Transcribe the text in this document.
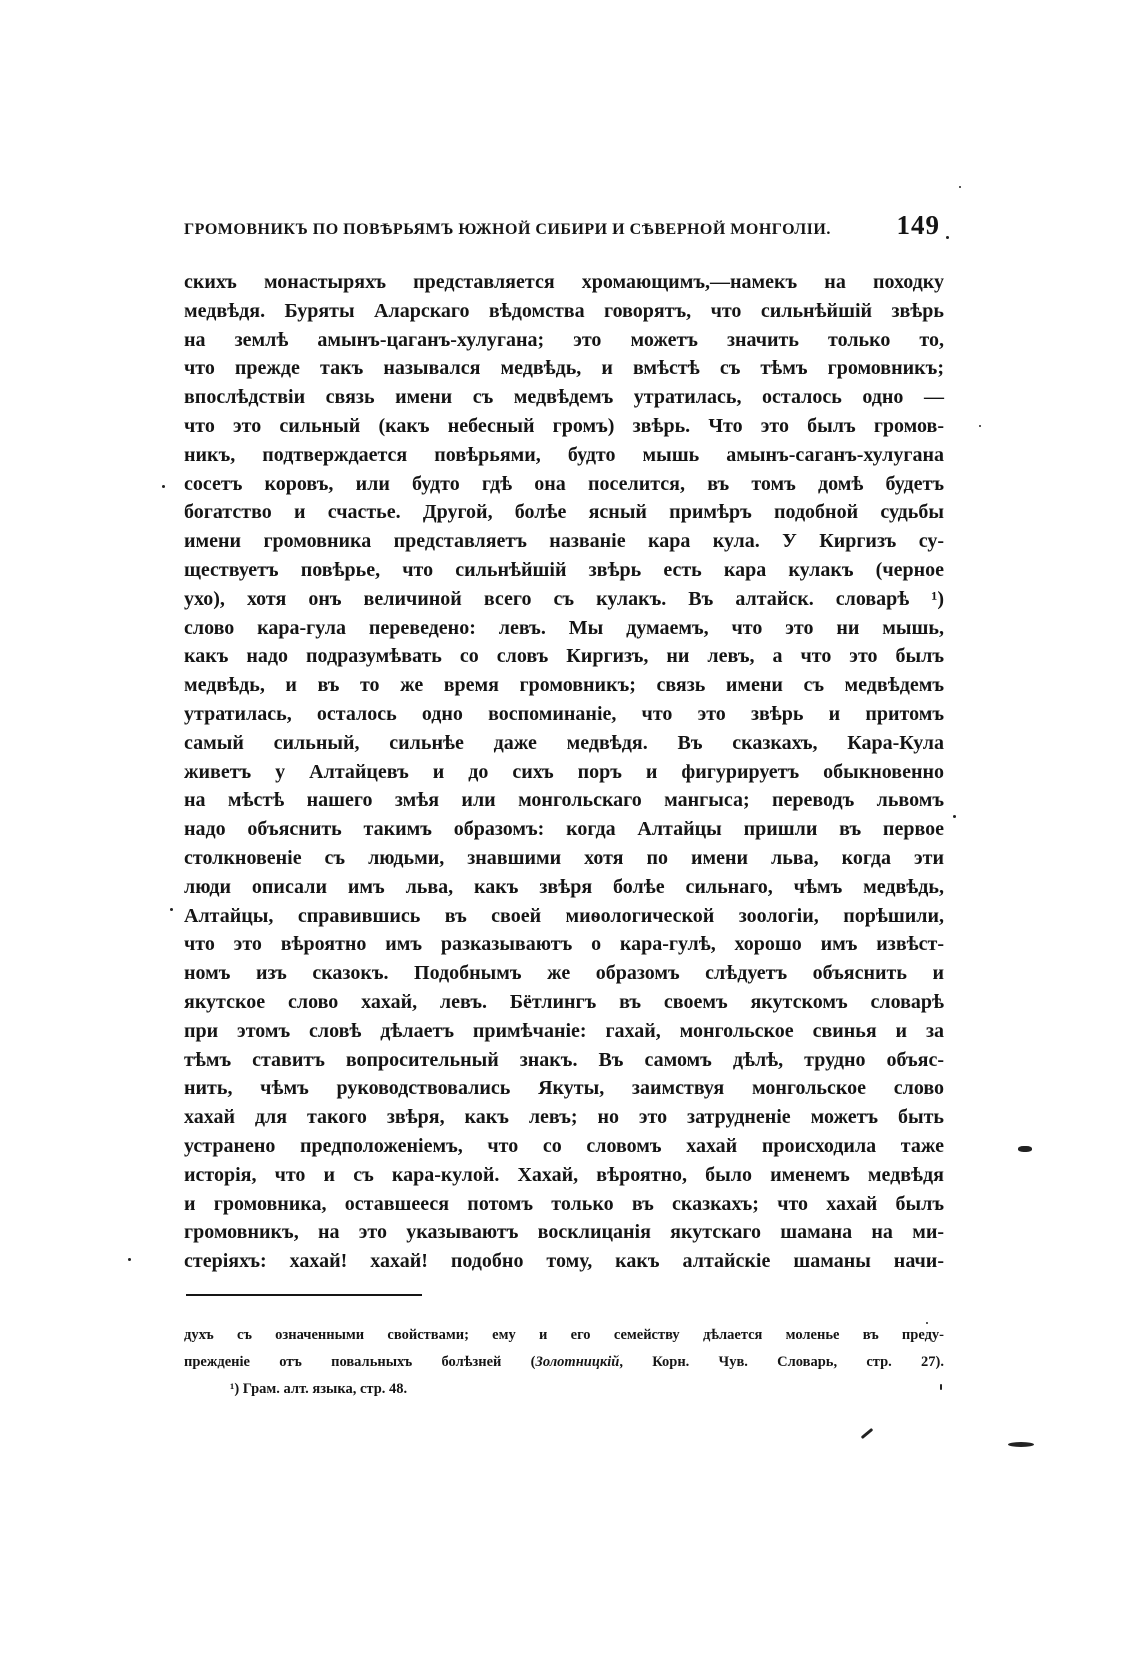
ГРОМОВНИКЪ ПО ПОВѢРЬЯМЪ ЮЖНОЙ СИБИРИ И СѢВЕРНОЙ МОНГОЛІИ. 149
скихъ монастыряхъ представляется хромающимъ,—намекъ на походку
медвѣдя. Буряты Аларскаго вѣдомства говорятъ, что сильнѣйшій звѣрь
на землѣ амынъ-цаганъ-хулугана; это можетъ значить только то,
что прежде такъ назывался медвѣдь, и вмѣстѣ съ тѣмъ громовникъ;
впослѣдствіи связь имени съ медвѣдемъ утратилась, осталось одно —
что это сильный (какъ небесный громъ) звѣрь. Что это былъ громов-
никъ, подтверждается повѣрьями, будто мышь амынъ-саганъ-хулугана
сосетъ коровъ, или будто гдѣ она поселится, въ томъ домѣ будетъ
богатство и счастье. Другой, болѣе ясный примѣръ подобной судьбы
имени громовника представляетъ названіе кара кула. У Киргизъ су-
ществуетъ повѣрье, что сильнѣйшій звѣрь есть кара кулакъ (черное
ухо), хотя онъ величиной всего съ кулакъ. Въ алтайск. словарѣ ¹)
слово кара-гула переведено: левъ. Мы думаемъ, что это ни мышь,
какъ надо подразумѣвать со словъ Киргизъ, ни левъ, а что это былъ
медвѣдь, и въ то же время громовникъ; связь имени съ медвѣдемъ
утратилась, осталось одно воспоминаніе, что это звѣрь и притомъ
самый сильный, сильнѣе даже медвѣдя. Въ сказкахъ, Кара-Кула
живетъ у Алтайцевъ и до сихъ поръ и фигурируетъ обыкновенно
на мѣстѣ нашего змѣя или монгольскаго мангыса; переводъ львомъ
надо объяснить такимъ образомъ: когда Алтайцы пришли въ первое
столкновеніе съ людьми, знавшими хотя по имени льва, когда эти
люди описали имъ льва, какъ звѣря болѣе сильнаго, чѣмъ медвѣдь,
Алтайцы, справившись въ своей миѳологической зоологіи, порѣшили,
что это вѣроятно имъ разказываютъ о кара-гулѣ, хорошо имъ извѣст-
номъ изъ сказокъ. Подобнымъ же образомъ слѣдуетъ объяснить и
якутское слово хахай, левъ. Бётлингъ въ своемъ якутскомъ словарѣ
при этомъ словѣ дѣлаетъ примѣчаніе: гахай, монгольское свинья и за
тѣмъ ставитъ вопросительный знакъ. Въ самомъ дѣлѣ, трудно объяс-
нить, чѣмъ руководствовались Якуты, заимствуя монгольское слово
хахай для такого звѣря, какъ левъ; но это затрудненіе можетъ быть
устранено предположеніемъ, что со словомъ хахай происходила таже
исторія, что и съ кара-кулой. Хахай, вѣроятно, было именемъ медвѣдя
и громовника, оставшееся потомъ только въ сказкахъ; что хахай былъ
громовникъ, на это указываютъ восклицанія якутскаго шамана на ми-
стеріяхъ: хахай! хахай! подобно тому, какъ алтайскіе шаманы начи-
духъ съ означенными свойствами; ему и его семейству дѣлается моленье въ преду-
прежденіе отъ повальныхъ болѣзней (Золотницкій, Корн. Чув. Словарь, стр. 27).
¹) Грам. алт. языка, стр. 48.
